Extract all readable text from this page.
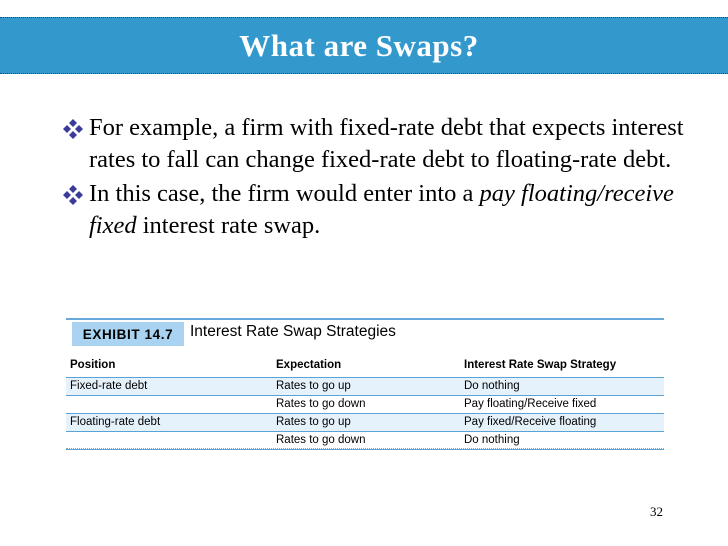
What are Swaps?
For example, a firm with fixed-rate debt that expects interest rates to fall can change fixed-rate debt to floating-rate debt.
In this case, the firm would enter into a pay floating/receive fixed interest rate swap.
EXHIBIT 14.7	Interest Rate Swap Strategies
Position	Expectation	Interest Rate Swap Strategy
Fixed-rate debt	Rates to go up	Do nothing
	Rates to go down	Pay floating/Receive fixed
Floating-rate debt	Rates to go up	Pay fixed/Receive floating
	Rates to go down	Do nothing
32
